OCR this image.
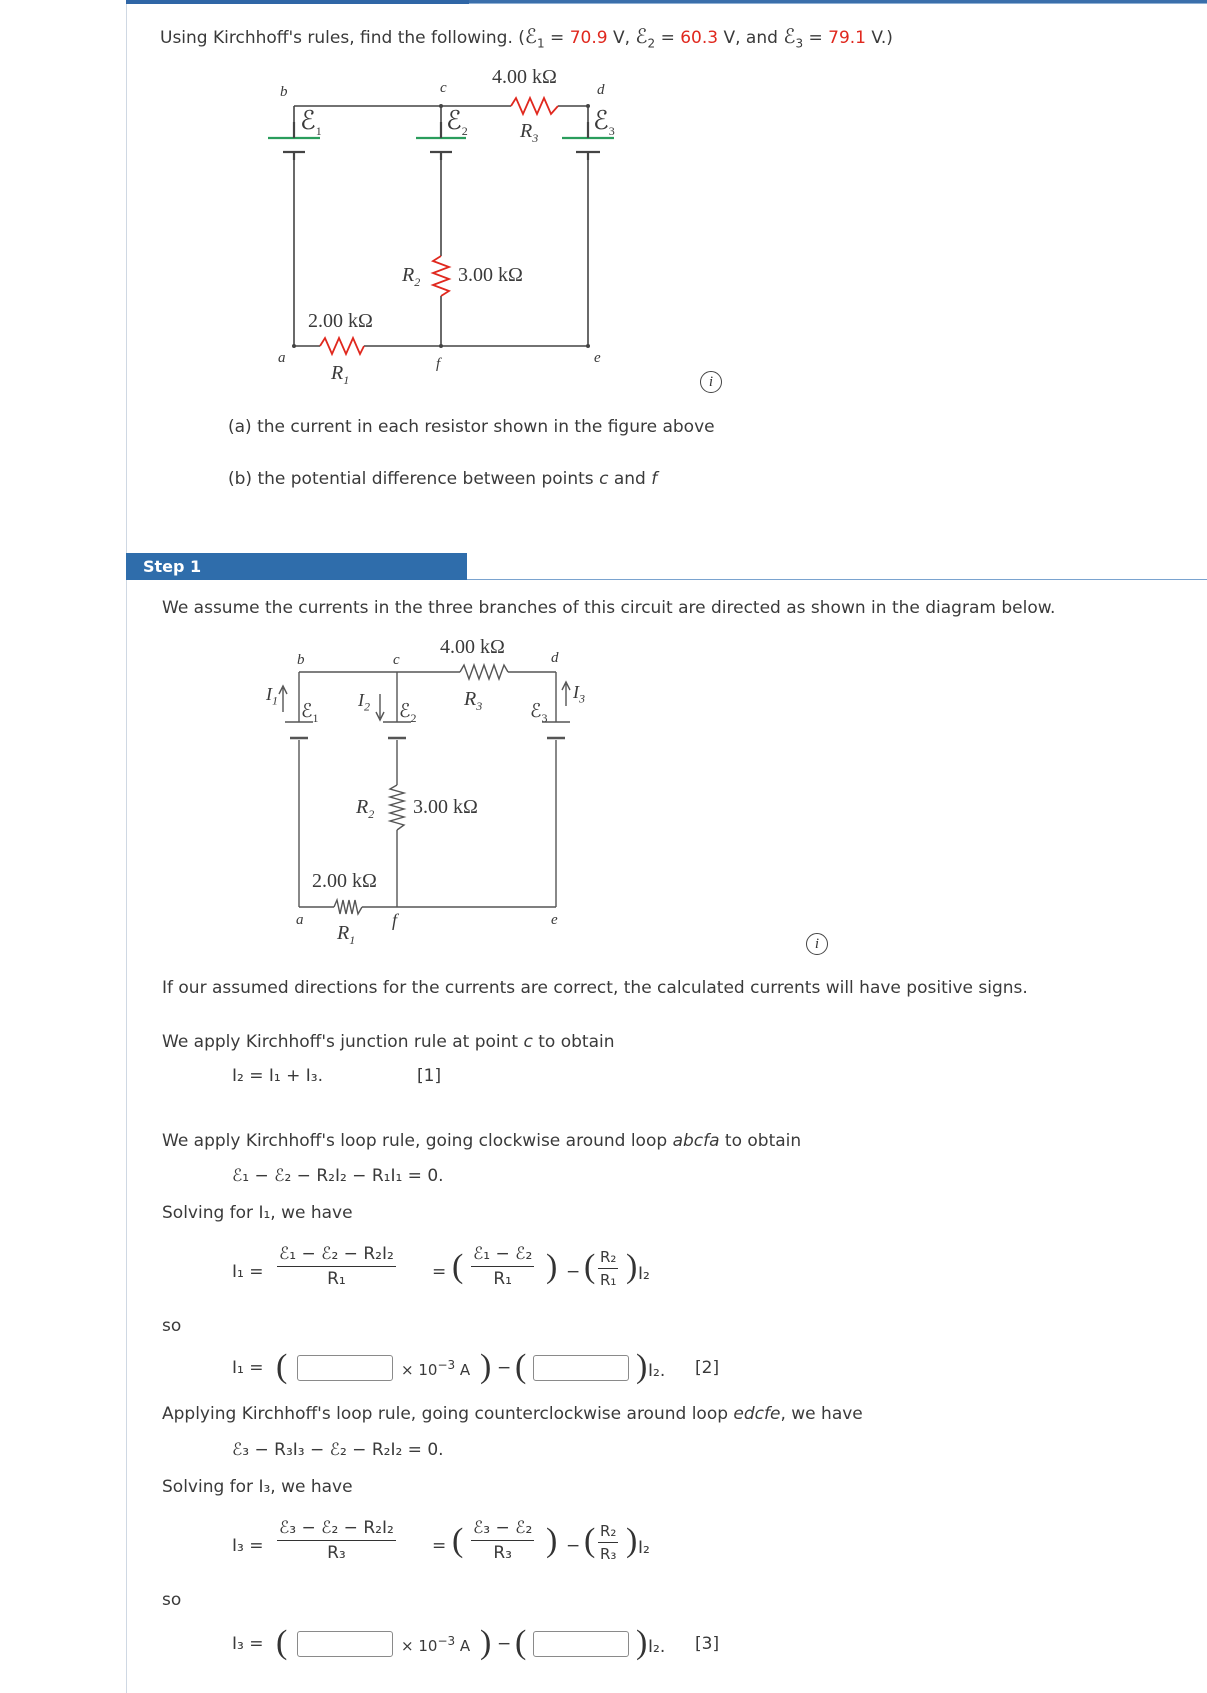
Using Kirchhoff's rules, find the following. (ℰ$_1$ = 70.9 V, ℰ$_2$ = 60.3 V, and ℰ$_3$ = 79.1 V.)
4.00 kΩ
$R_3$
3.00 kΩ
$R_2$
2.00 kΩ
$R_1$
ℰ$_1$	ℰ$_2$	ℰ$_3$
a
b	c	d
e
f
i
(a) the current in each resistor shown in the figure above
(b) the potential difference between points c and f
Step 1
We assume the currents in the three branches of this circuit are directed as shown in the diagram below.
4.00 kΩ
$R_3$
3.00 kΩ
$R_2$
2.00 kΩ
$R_1$
ℰ$_1$	ℰ$_2$	ℰ$_3$
$I_1$	$I_2$
$I_3$
b	c	d
a	f	e
i
If our assumed directions for the currents are correct, the calculated currents will have positive signs.
We apply Kirchhoff's junction rule at point c to obtain
I₂ = I₁ + I₃.	[1]
We apply Kirchhoff's loop rule, going clockwise around loop abcfa to obtain
ℰ₁ − ℰ₂ − R₂I₂ − R₁I₁ = 0.
Solving for I₁, we have
I₁ =
ℰ₁ − ℰ₂ − R₂I₂
R₁	= ( ℰ₁ − ℰ₂
R₁	) − ( $\frac{\text{R₂}}{\text{R₁}}$ ) I₂
so
I₁ = (	× $10^{-3}$ A ) − (	) I₂. [2]
Applying Kirchhoff's loop rule, going counterclockwise around loop edcfe, we have
ℰ₃ − R₃I₃ − ℰ₂ − R₂I₂ = 0.
Solving for I₃, we have
I₃ =
ℰ₃ − ℰ₂ − R₂I₂
R₃	= ( ℰ₃ − ℰ₂
R₃	) − ( $\frac{\text{R₂}}{\text{R₃}}$ ) I₂
so
I₃ = (	× $10^{-3}$ A ) − (	) I₂. [3]
